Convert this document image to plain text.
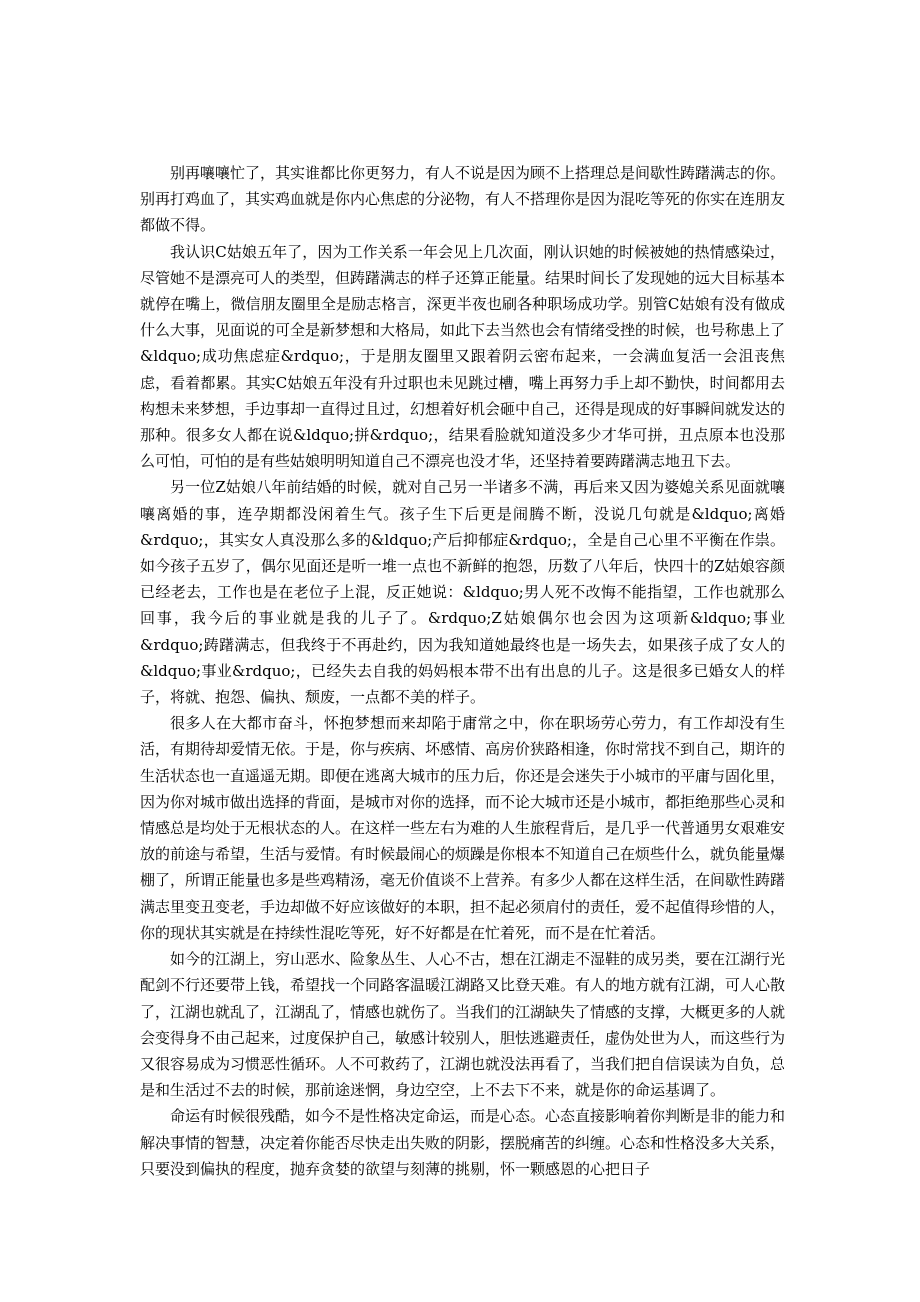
别再嚷嚷忙了，其实谁都比你更努力，有人不说是因为顾不上搭理总是间歇性踌躇满志的你。别再打鸡血了，其实鸡血就是你内心焦虑的分泌物，有人不搭理你是因为混吃等死的你实在连朋友都做不得。

我认识C姑娘五年了，因为工作关系一年会见上几次面，刚认识她的时候被她的热情感染过，尽管她不是漂亮可人的类型，但踌躇满志的样子还算正能量。结果时间长了发现她的远大目标基本就停在嘴上，微信朋友圈里全是励志格言，深更半夜也刷各种职场成功学。别管C姑娘有没有做成什么大事，见面说的可全是新梦想和大格局，如此下去当然也会有情绪受挫的时候，也号称患上了&ldquo;成功焦虑症&rdquo;，于是朋友圈里又跟着阴云密布起来，一会满血复活一会沮丧焦虑，看着都累。其实C姑娘五年没有升过职也未见跳过槽，嘴上再努力手上却不勤快，时间都用去构想未来梦想，手边事却一直得过且过，幻想着好机会砸中自己，还得是现成的好事瞬间就发达的那种。很多女人都在说&ldquo;拼&rdquo;，结果看脸就知道没多少才华可拼，丑点原本也没那么可怕，可怕的是有些姑娘明明知道自己不漂亮也没才华，还坚持着要踌躇满志地丑下去。

另一位Z姑娘八年前结婚的时候，就对自己另一半诸多不满，再后来又因为婆媳关系见面就嚷嚷离婚的事，连孕期都没闲着生气。孩子生下后更是闹腾不断，没说几句就是&ldquo;离婚&rdquo;，其实女人真没那么多的&ldquo;产后抑郁症&rdquo;，全是自己心里不平衡在作祟。如今孩子五岁了，偶尔见面还是听一堆一点也不新鲜的抱怨，历数了八年后，快四十的Z姑娘容颜已经老去，工作也是在老位子上混，反正她说：&ldquo;男人死不改悔不能指望，工作也就那么回事，我今后的事业就是我的儿子了。&rdquo;Z姑娘偶尔也会因为这项新&ldquo;事业&rdquo;踌躇满志，但我终于不再赴约，因为我知道她最终也是一场失去，如果孩子成了女人的&ldquo;事业&rdquo;，已经失去自我的妈妈根本带不出有出息的儿子。这是很多已婚女人的样子，将就、抱怨、偏执、颓废，一点都不美的样子。

很多人在大都市奋斗，怀抱梦想而来却陷于庸常之中，你在职场劳心劳力，有工作却没有生活，有期待却爱情无依。于是，你与疾病、坏感情、高房价狭路相逢，你时常找不到自己，期许的生活状态也一直遥遥无期。即便在逃离大城市的压力后，你还是会迷失于小城市的平庸与固化里，因为你对城市做出选择的背面，是城市对你的选择，而不论大城市还是小城市，都拒绝那些心灵和情感总是均处于无根状态的人。在这样一些左右为难的人生旅程背后，是几乎一代普通男女艰难安放的前途与希望，生活与爱情。有时候最闹心的烦躁是你根本不知道自己在烦些什么，就负能量爆棚了，所谓正能量也多是些鸡精汤，毫无价值谈不上营养。有多少人都在这样生活，在间歇性踌躇满志里变丑变老，手边却做不好应该做好的本职，担不起必须肩付的责任，爱不起值得珍惜的人，你的现状其实就是在持续性混吃等死，好不好都是在忙着死，而不是在忙着活。

如今的江湖上，穷山恶水、险象丛生、人心不古，想在江湖走不湿鞋的成另类，要在江湖行光配剑不行还要带上钱，希望找一个同路客温暖江湖路又比登天难。有人的地方就有江湖，可人心散了，江湖也就乱了，江湖乱了，情感也就伤了。当我们的江湖缺失了情感的支撑，大概更多的人就会变得身不由己起来，过度保护自己，敏感计较别人，胆怯逃避责任，虚伪处世为人，而这些行为又很容易成为习惯恶性循环。人不可救药了，江湖也就没法再看了，当我们把自信误读为自负，总是和生活过不去的时候，那前途迷惘，身边空空，上不去下不来，就是你的命运基调了。

命运有时候很残酷，如今不是性格决定命运，而是心态。心态直接影响着你判断是非的能力和解决事情的智慧，决定着你能否尽快走出失败的阴影，摆脱痛苦的纠缠。心态和性格没多大关系，只要没到偏执的程度，抛弃贪婪的欲望与刻薄的挑剔，怀一颗感恩的心把日子
